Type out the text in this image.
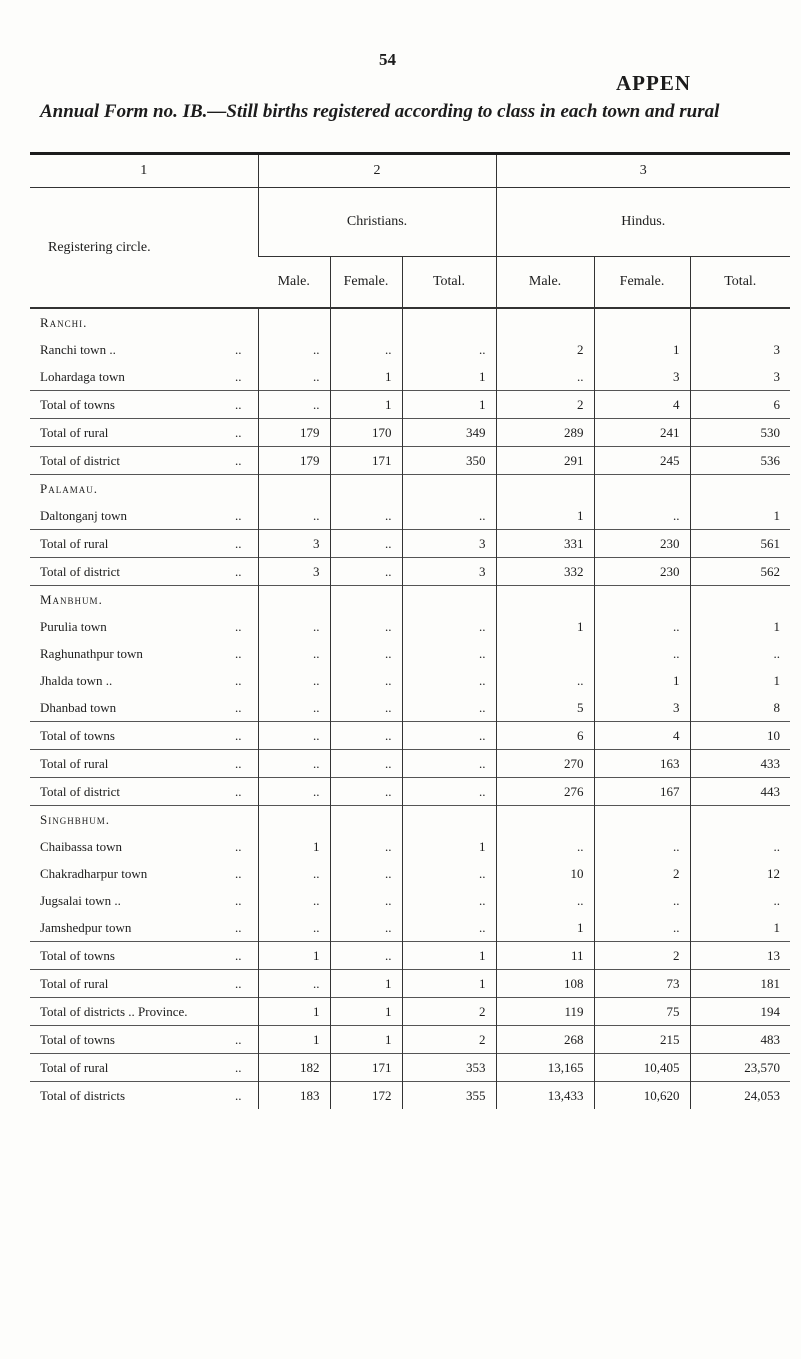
54
APPEN
Annual Form no. IB.—Still births registered according to class in each town and rural
1	2			3		
Registering circle.	Christians.			Hindus.		
	Male.	Female.	Total.	Male.	Female.	Total.
Ranchi.						
Ranchi town .. ..	..	..	..	2	1	3
Lohardaga town ..	..	1	1	..	3	3
Total of towns ..	..	1	1	2	4	6
Total of rural ..	179	170	349	289	241	530
Total of district ..	179	171	350	291	245	536
Palamau.						
Daltonganj town ..	..	..	..	1	..	1
Total of rural ..	3	..	3	331	230	561
Total of district ..	3	..	3	332	230	562
Manbhum.						
Purulia town ..	..	..	..	1	..	1
Raghunathpur town ..	..	..	..		..	..
Jhalda town .. ..	..	..	..	..	1	1
Dhanbad town ..	..	..	..	5	3	8
Total of towns ..	..	..	..	6	4	10
Total of rural ..	..	..	..	270	163	433
Total of district ..	..	..	..	276	167	443
Singhbhum.						
Chaibassa town ..	1	..	1	..	..	..
Chakradharpur town ..	..	..	..	10	2	12
Jugsalai town .. ..	..	..	..	..	..	..
Jamshedpur town ..	..	..	..	1	..	1
Total of towns ..	1	..	1	11	2	13
Total of rural ..	..	1	1	108	73	181
Total of districts .. Province.	1	1	2	119	75	194
Total of towns ..	1	1	2	268	215	483
Total of rural ..	182	171	353	13,165	10,405	23,570
Total of districts ..	183	172	355	13,433	10,620	24,053
